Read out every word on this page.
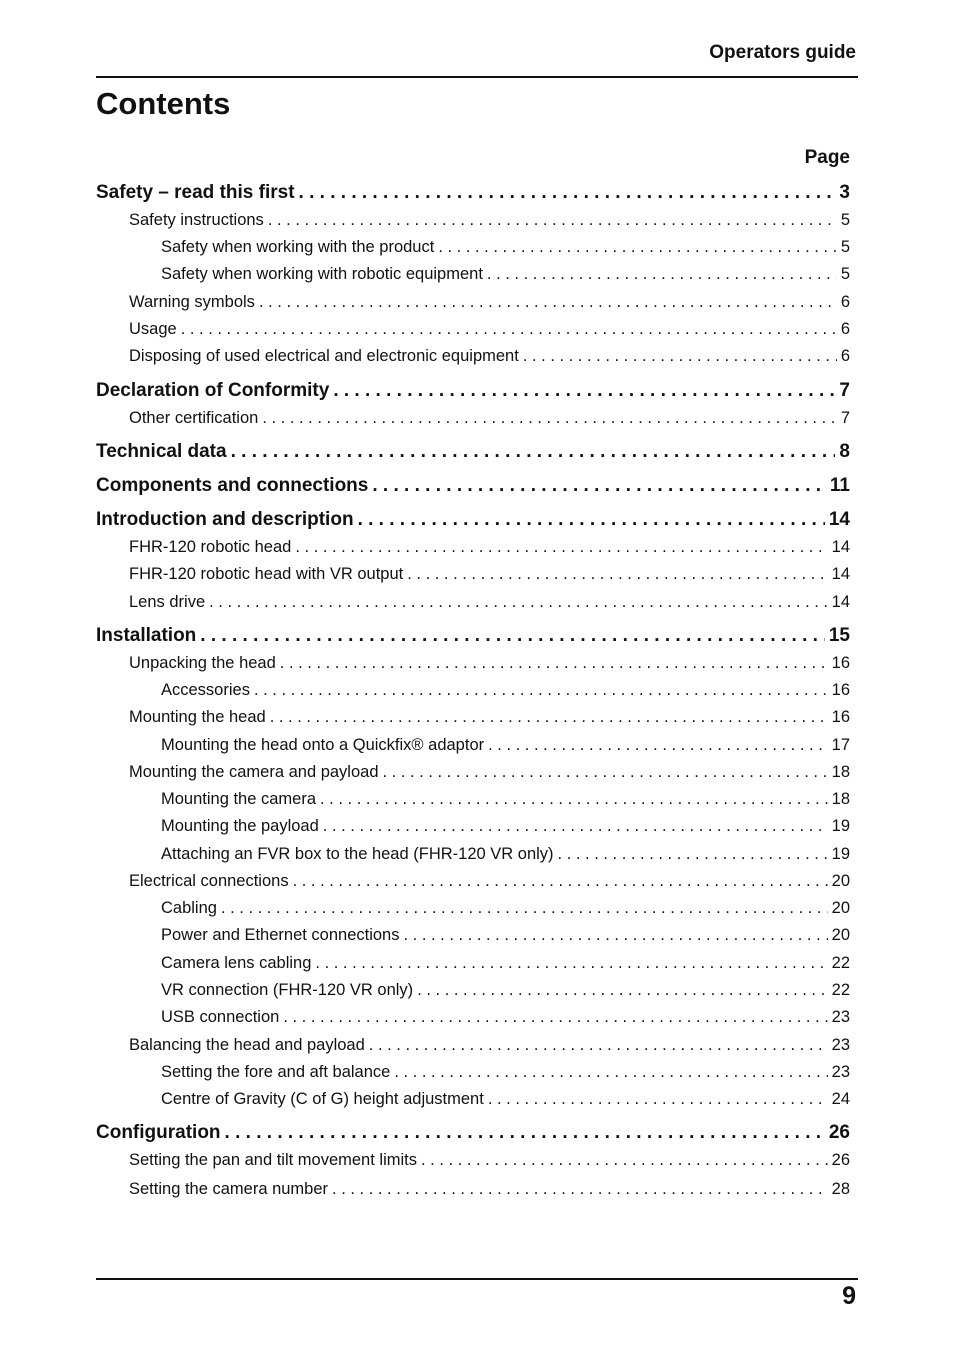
Operators guide
Contents
Page
Safety – read this first . . .	3
Safety instructions . . .	5
Safety when working with the product . . .	5
Safety when working with robotic equipment . . .	5
Warning symbols . . .	6
Usage . . .	6
Disposing of used electrical and electronic equipment . . .	6
Declaration of Conformity . . .	7
Other certification . . .	7
Technical data . . .	8
Components and connections . . .	11
Introduction and description . . .	14
FHR-120 robotic head . . .	14
FHR-120 robotic head with VR output . . .	14
Lens drive . . .	14
Installation . . .	15
Unpacking the head . . .	16
Accessories . . .	16
Mounting the head . . .	16
Mounting the head onto a Quickfix® adaptor . . .	17
Mounting the camera and payload . . .	18
Mounting the camera . . .	18
Mounting the payload . . .	19
Attaching an FVR box to the head (FHR-120 VR only) . . .	19
Electrical connections . . .	20
Cabling . . .	20
Power and Ethernet connections . . .	20
Camera lens cabling . . .	22
VR connection (FHR-120 VR only) . . .	22
USB connection . . .	23
Balancing the head and payload . . .	23
Setting the fore and aft balance . . .	23
Centre of Gravity (C of G) height adjustment . . .	24
Configuration . . .	26
Setting the pan and tilt movement limits . . .	26
Setting the camera number . . .	28
9
